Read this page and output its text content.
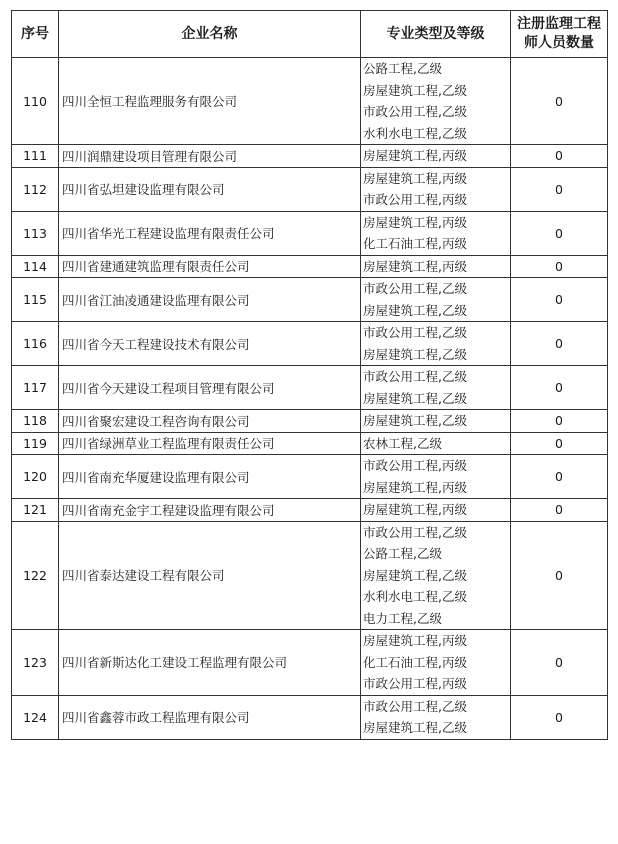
序号	企业名称	专业类型及等级	注册监理工程师人员数量
110	四川全恒工程监理服务有限公司	公路工程,乙级
房屋建筑工程,乙级
市政公用工程,乙级
水利水电工程,乙级	0
111	四川润鼎建设项目管理有限公司	房屋建筑工程,丙级	0
112	四川省弘坦建设监理有限公司	房屋建筑工程,丙级
市政公用工程,丙级	0
113	四川省华光工程建设监理有限责任公司	房屋建筑工程,丙级
化工石油工程,丙级	0
114	四川省建通建筑监理有限责任公司	房屋建筑工程,丙级	0
115	四川省江油凌通建设监理有限公司	市政公用工程,乙级
房屋建筑工程,乙级	0
116	四川省今天工程建设技术有限公司	市政公用工程,乙级
房屋建筑工程,乙级	0
117	四川省今天建设工程项目管理有限公司	市政公用工程,乙级
房屋建筑工程,乙级	0
118	四川省聚宏建设工程咨询有限公司	房屋建筑工程,乙级	0
119	四川省绿洲草业工程监理有限责任公司	农林工程,乙级	0
120	四川省南充华厦建设监理有限公司	市政公用工程,丙级
房屋建筑工程,丙级	0
121	四川省南充金宇工程建设监理有限公司	房屋建筑工程,丙级	0
122	四川省泰达建设工程有限公司	市政公用工程,乙级
公路工程,乙级
房屋建筑工程,乙级
水利水电工程,乙级
电力工程,乙级	0
123	四川省新斯达化工建设工程监理有限公司	房屋建筑工程,丙级
化工石油工程,丙级
市政公用工程,丙级	0
124	四川省鑫蓉市政工程监理有限公司	市政公用工程,乙级
房屋建筑工程,乙级	0
